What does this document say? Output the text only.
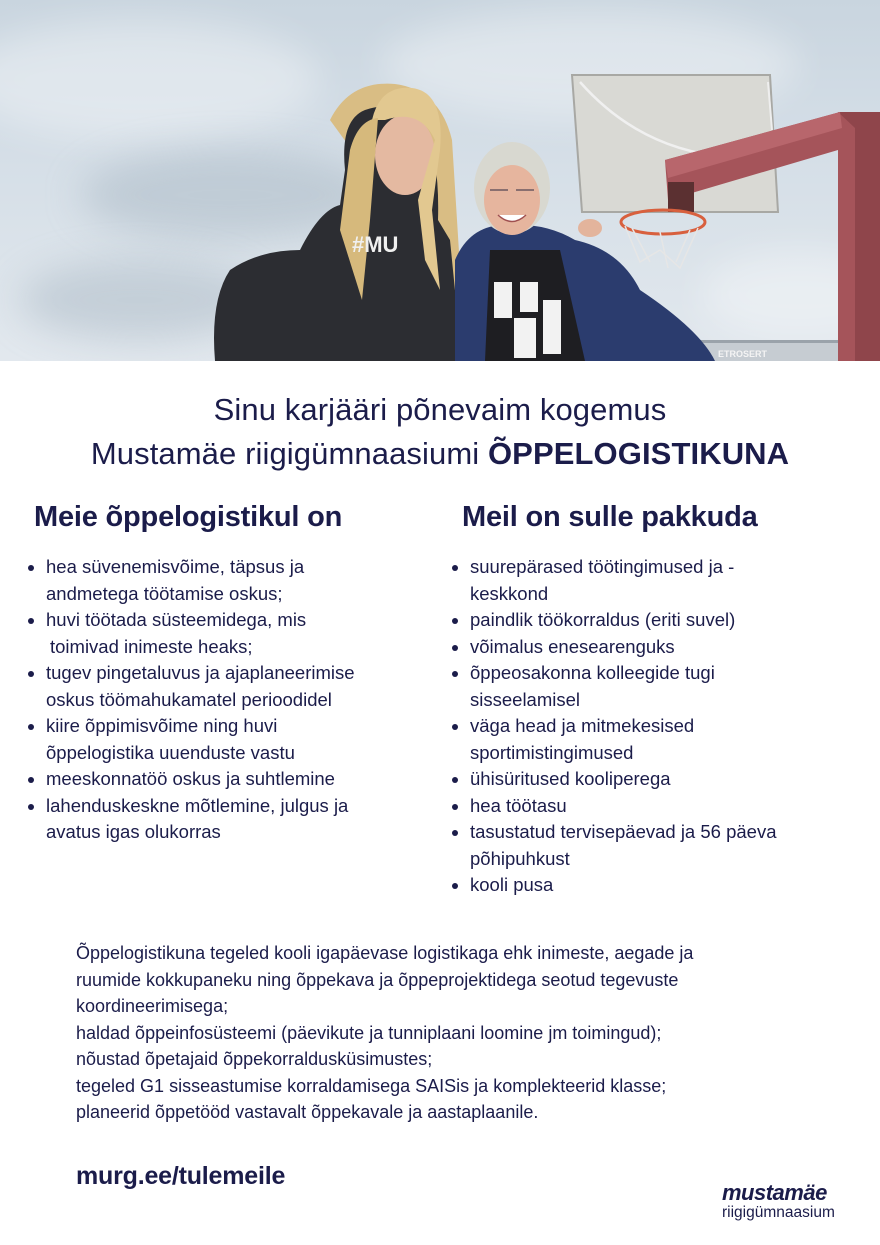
ETROSERT
#MU
Sinu karjääri põnevaim kogemus
Mustamäe riigigümnaasiumi ÕPPELOGISTIKUNA
Meie õppelogistikul on
hea süvenemisvõime, täpsus ja
andmetega töötamise oskus;
huvi töötada süsteemidega, mis
toimivad inimeste heaks;
tugev pingetaluvus ja ajaplaneerimise
oskus töömahukamatel perioodidel
kiire õppimisvõime ning huvi
õppelogistika uuenduste vastu
meeskonnatöö oskus ja suhtlemine
lahenduskeskne mõtlemine, julgus ja
avatus igas olukorras
Meil on sulle pakkuda
suurepärased töötingimused ja -
keskkond
paindlik töökorraldus (eriti suvel)
võimalus enesearenguks
õppeosakonna kolleegide tugi
sisseelamisel
väga head ja mitmekesised
sportimistingimused
ühisüritused kooliperega
hea töötasu
tasustatud tervisepäevad ja 56 päeva
põhipuhkust
kooli pusa
Õppelogistikuna tegeled kooli igapäevase logistikaga ehk inimeste, aegade ja
ruumide kokkupaneku ning õppekava ja õppeprojektidega seotud tegevuste
koordineerimisega;
haldad õppeinfosüsteemi (päevikute ja tunniplaani loomine jm toimingud);
nõustad õpetajaid õppekorraldusküsimustes;
tegeled G1 sisseastumise korraldamisega SAISis ja komplekteerid klasse;
planeerid õppetööd vastavalt õppekavale ja aastaplaanile.
murg.ee/tulemeile
mustamäe
riigigümnaasium
